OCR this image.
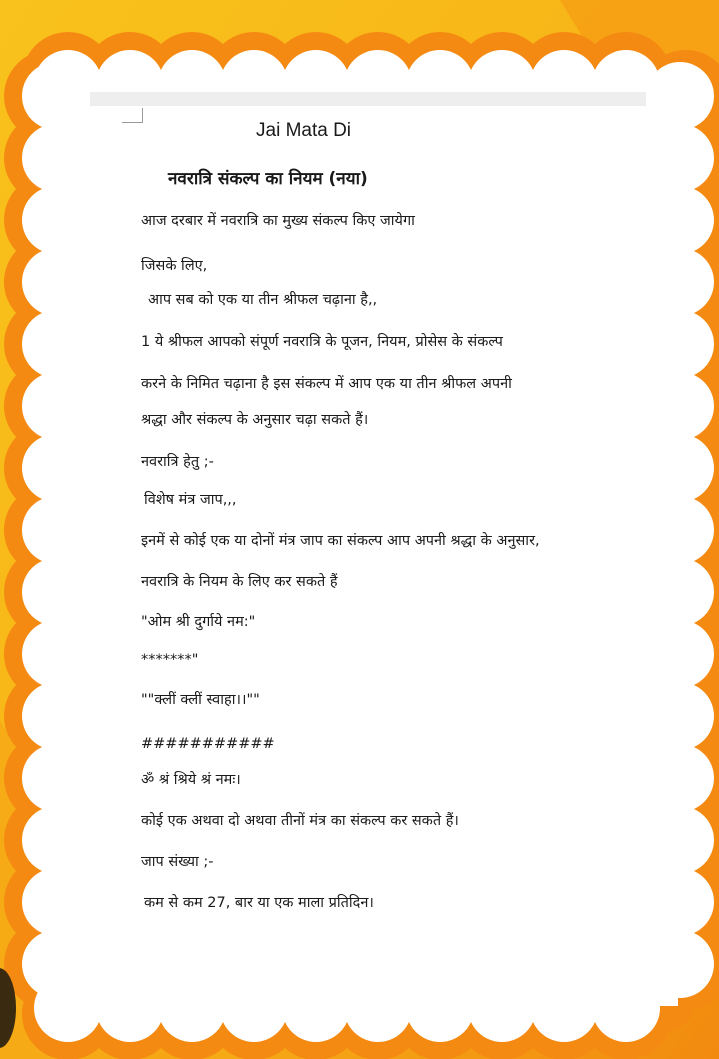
Jai Mata Di
नवरात्रि संकल्प का नियम (नया)
आज दरबार में नवरात्रि का मुख्य संकल्प किए जायेगा
जिसके लिए,
आप सब को एक या तीन श्रीफल चढ़ाना है,,
1 ये श्रीफल आपको संपूर्ण नवरात्रि के पूजन, नियम, प्रोसेस के संकल्प
करने के निमित चढ़ाना है इस संकल्प में आप एक या तीन श्रीफल अपनी
श्रद्धा और संकल्प के अनुसार चढ़ा सकते हैं।
नवरात्रि हेतु ;-
विशेष मंत्र जाप,,,
इनमें से कोई एक या दोनों मंत्र जाप का संकल्प आप अपनी श्रद्धा के अनुसार,
नवरात्रि के नियम के लिए कर सकते हैं
"ओम श्री दुर्गाये नम:"
*******"
""क्लीं क्लीं स्वाहा।।""
###########
ॐ श्रं श्रिये श्रं नमः।
कोई एक अथवा दो अथवा तीनों मंत्र का संकल्प कर सकते हैं।
जाप संख्या ;-
कम से कम 27, बार या एक माला प्रतिदिन।
